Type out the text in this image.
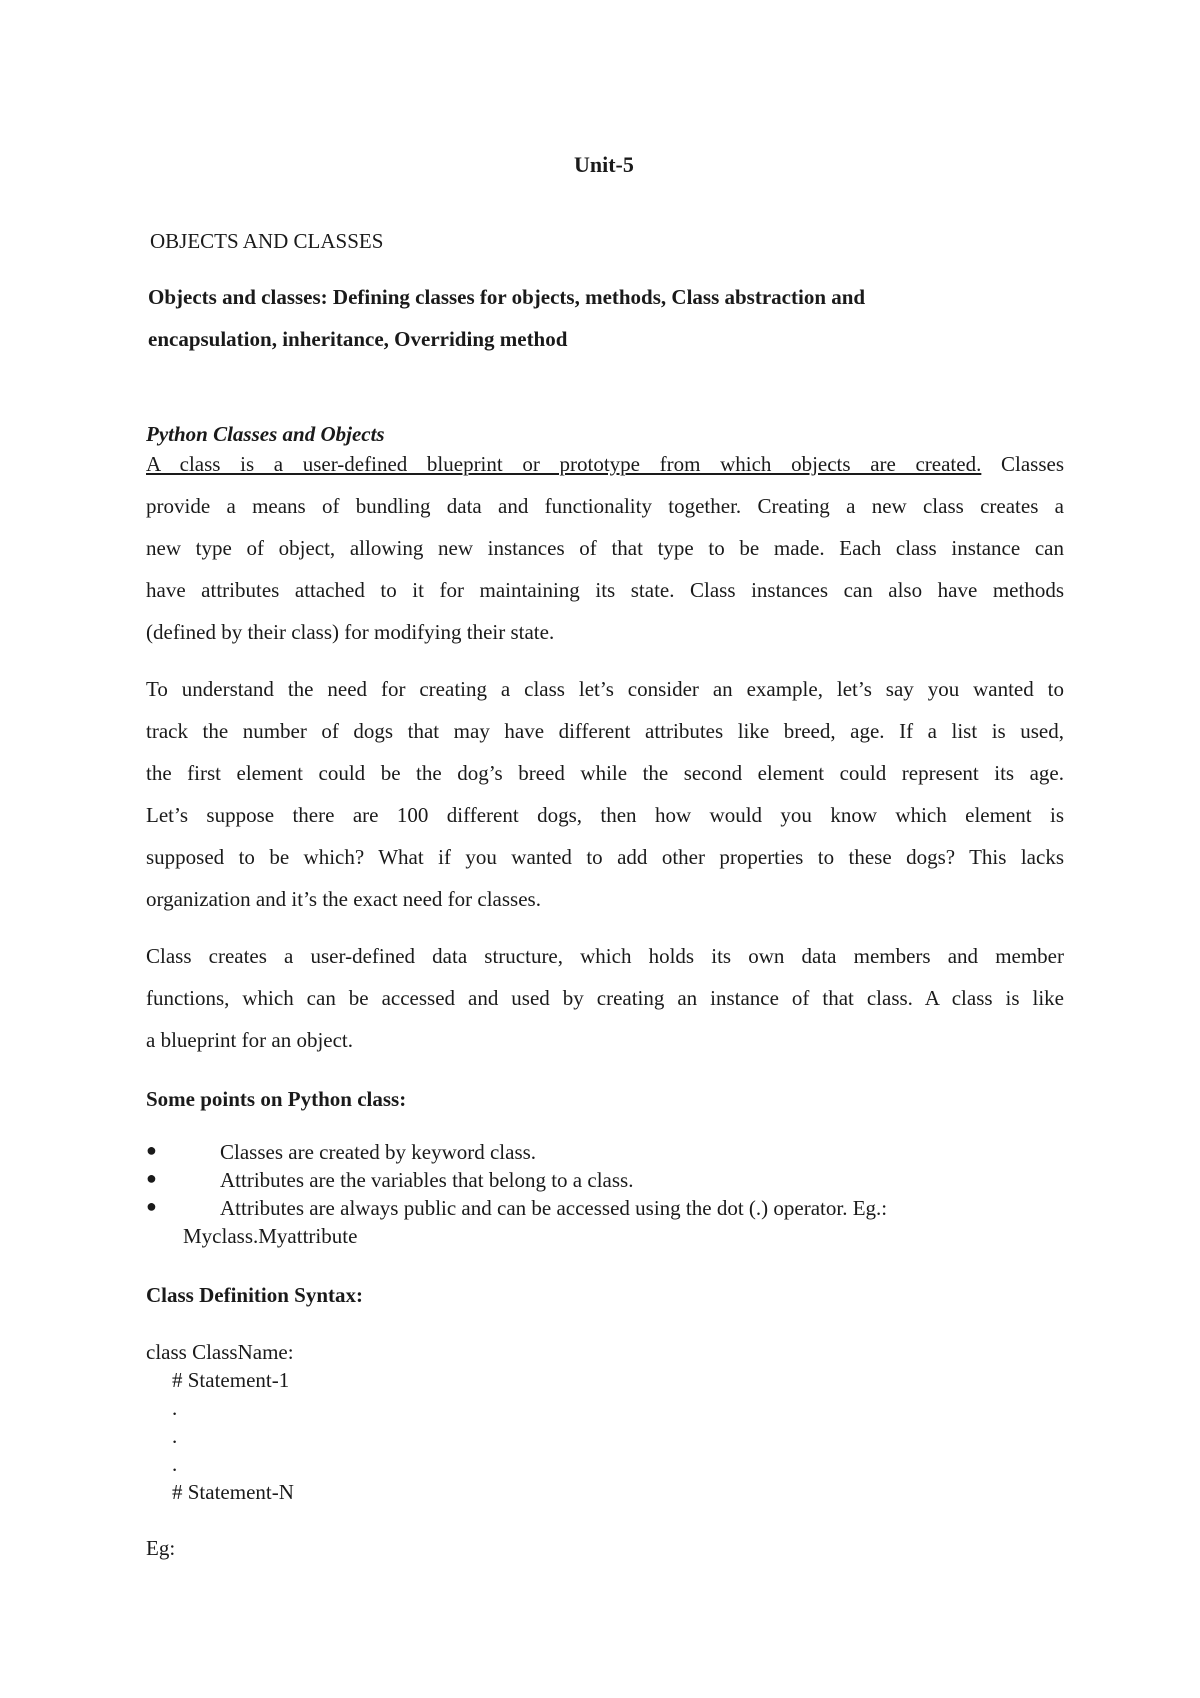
Unit-5
OBJECTS AND CLASSES
Objects and classes: Defining classes for objects, methods, Class abstraction and
encapsulation, inheritance, Overriding method
Python Classes and Objects
A class is a user-defined blueprint or prototype from which objects are created. Classes
provide a means of bundling data and functionality together. Creating a new class creates a
new type of object, allowing new instances of that type to be made. Each class instance can
have attributes attached to it for maintaining its state. Class instances can also have methods
(defined by their class) for modifying their state.
To understand the need for creating a class let’s consider an example, let’s say you wanted to
track the number of dogs that may have different attributes like breed, age. If a list is used,
the first element could be the dog’s breed while the second element could represent its age.
Let’s suppose there are 100 different dogs, then how would you know which element is
supposed to be which? What if you wanted to add other properties to these dogs? This lacks
organization and it’s the exact need for classes.
Class creates a user-defined data structure, which holds its own data members and member
functions, which can be accessed and used by creating an instance of that class. A class is like
a blueprint for an object.
Some points on Python class:
●	Classes are created by keyword class.
●	Attributes are the variables that belong to a class.
●	Attributes are always public and can be accessed using the dot (.) operator. Eg.:
Myclass.Myattribute
Class Definition Syntax:
class ClassName:
# Statement-1
.
.
.
# Statement-N
Eg:
